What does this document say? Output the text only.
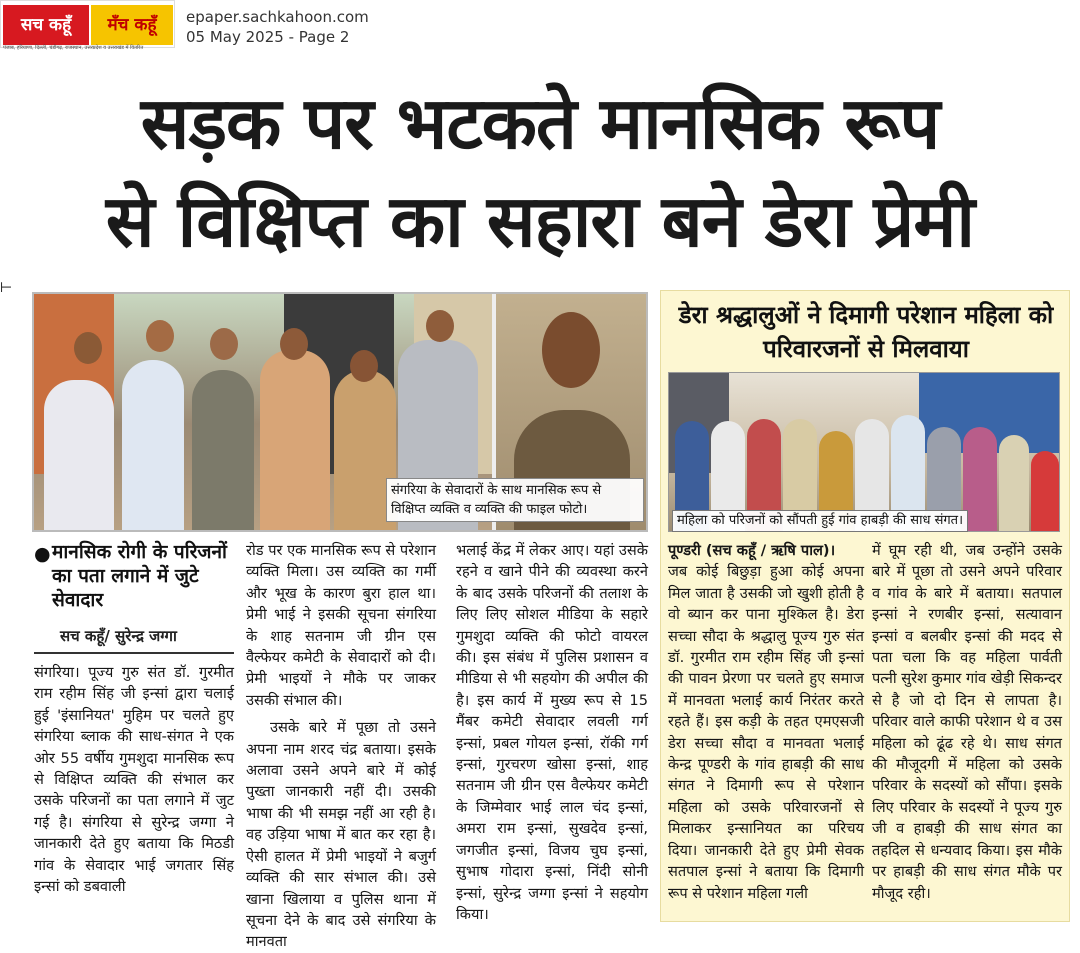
सच कहूँ	मँच कहूँ
पंजाब, हरियाणा, दिल्ली, चंडीगढ़, राजस्थान, उत्तरप्रदेश व उत्तराखंड में वितरित
epaper.sachkahoon.com
05 May 2025 - Page 2
⊢
सड़क पर भटकते मानसिक रूप
से विक्षिप्त का सहारा बने डेरा प्रेमी
संगरिया के सेवादारों के साथ मानसिक रूप से विक्षिप्त व्यक्ति व व्यक्ति की फाइल फोटो।
● मानसिक रोगी के परिजनों का पता लगाने में जुटे सेवादार
सच कहूँ/ सुरेन्द्र जग्गा
संगरिया। पूज्य गुरु संत डॉ. गुरमीत राम रहीम सिंह जी इन्सां द्वारा चलाई हुई 'इंसानियत' मुहिम पर चलते हुए संगरिया ब्लाक की साध-संगत ने एक ओर 55 वर्षीय गुमशुदा मानसिक रूप से विक्षिप्त व्यक्ति की संभाल कर उसके परिजनों का पता लगाने में जुट गई है। संगरिया से सुरेन्द्र जग्गा ने जानकारी देते हुए बताया कि मिठडी गांव के सेवादार भाई जगतार सिंह इन्सां को डबवाली
रोड पर एक मानसिक रूप से परेशान व्यक्ति मिला। उस व्यक्ति का गर्मी और भूख के कारण बुरा हाल था। प्रेमी भाई ने इसकी सूचना संगरिया के शाह सतनाम जी ग्रीन एस वैल्फेयर कमेटी के सेवादारों को दी। प्रेमी भाइयों ने मौके पर जाकर उसकी संभाल की।
उसके बारे में पूछा तो उसने अपना नाम शरद चंद्र बताया। इसके अलावा उसने अपने बारे में कोई पुख्ता जानकारी नहीं दी। उसकी भाषा की भी समझ नहीं आ रही है। वह उड़िया भाषा में बात कर रहा है। ऐसी हालत में प्रेमी भाइयों ने बजुर्ग व्यक्ति की सार संभाल की। उसे खाना खिलाया व पुलिस थाना में सूचना देने के बाद उसे संगरिया के मानवता
भलाई केंद्र में लेकर आए। यहां उसके रहने व खाने पीने की व्यवस्था करने के बाद उसके परिजनों की तलाश के लिए लिए सोशल मीडिया के सहारे गुमशुदा व्यक्ति की फोटो वायरल की। इस संबंध में पुलिस प्रशासन व मीडिया से भी सहयोग की अपील की है। इस कार्य में मुख्य रूप से 15 मैंबर कमेटी सेवादार लवली गर्ग इन्सां, प्रबल गोयल इन्सां, रॉकी गर्ग इन्सां, गुरचरण खोसा इन्सां, शाह सतनाम जी ग्रीन एस वैल्फेयर कमेटी के जिम्मेवार भाई लाल चंद इन्सां, अमरा राम इन्सां, सुखदेव इन्सां, जगजीत इन्सां, विजय चुघ इन्सां, सुभाष गोदारा इन्सां, निंदी सोनी इन्सां, सुरेन्द्र जग्गा इन्सां ने सहयोग किया।
डेरा श्रद्धालुओं ने दिमागी परेशान महिला को परिवारजनों से मिलवाया
महिला को परिजनों को सौंपती हुई गांव हाबड़ी की साध संगत।
पूण्डरी (सच कहूँ / ऋषि पाल)।
जब कोई बिछुड़ा हुआ कोई अपना मिल जाता है उसकी जो खुशी होती है वो ब्यान कर पाना मुश्किल है। डेरा सच्चा सौदा के श्रद्धालु पूज्य गुरु संत डॉ. गुरमीत राम रहीम सिंह जी इन्सां की पावन प्रेरणा पर चलते हुए समाज में मानवता भलाई कार्य निरंतर करते रहते हैं। इस कड़ी के तहत एमएसजी डेरा सच्चा सौदा व मानवता भलाई केन्द्र पूण्डरी के गांव हाबड़ी की साध संगत ने दिमागी रूप से परेशान महिला को उसके परिवारजनों से मिलाकर इन्सानियत का परिचय दिया। जानकारी देते हुए प्रेमी सेवक सतपाल इन्सां ने बताया कि दिमागी रूप से परेशान महिला गली
में घूम रही थी, जब उन्होंने उसके बारे में पूछा तो उसने अपने परिवार व गांव के बारे में बताया। सतपाल इन्सां ने रणबीर इन्सां, सत्यावान इन्सां व बलबीर इन्सां की मदद से पता चला कि वह महिला पार्वती पत्नी सुरेश कुमार गांव खेड़ी सिकन्दर से है जो दो दिन से लापता है। परिवार वाले काफी परेशान थे व उस महिला को ढूंढ रहे थे। साध संगत की मौजूदगी में महिला को उसके परिवार के सदस्यों को सौंपा। इसके लिए परिवार के सदस्यों ने पूज्य गुरु जी व हाबड़ी की साध संगत का तहदिल से धन्यवाद किया। इस मौके पर हाबड़ी की साध संगत मौके पर मौजूद रही।
